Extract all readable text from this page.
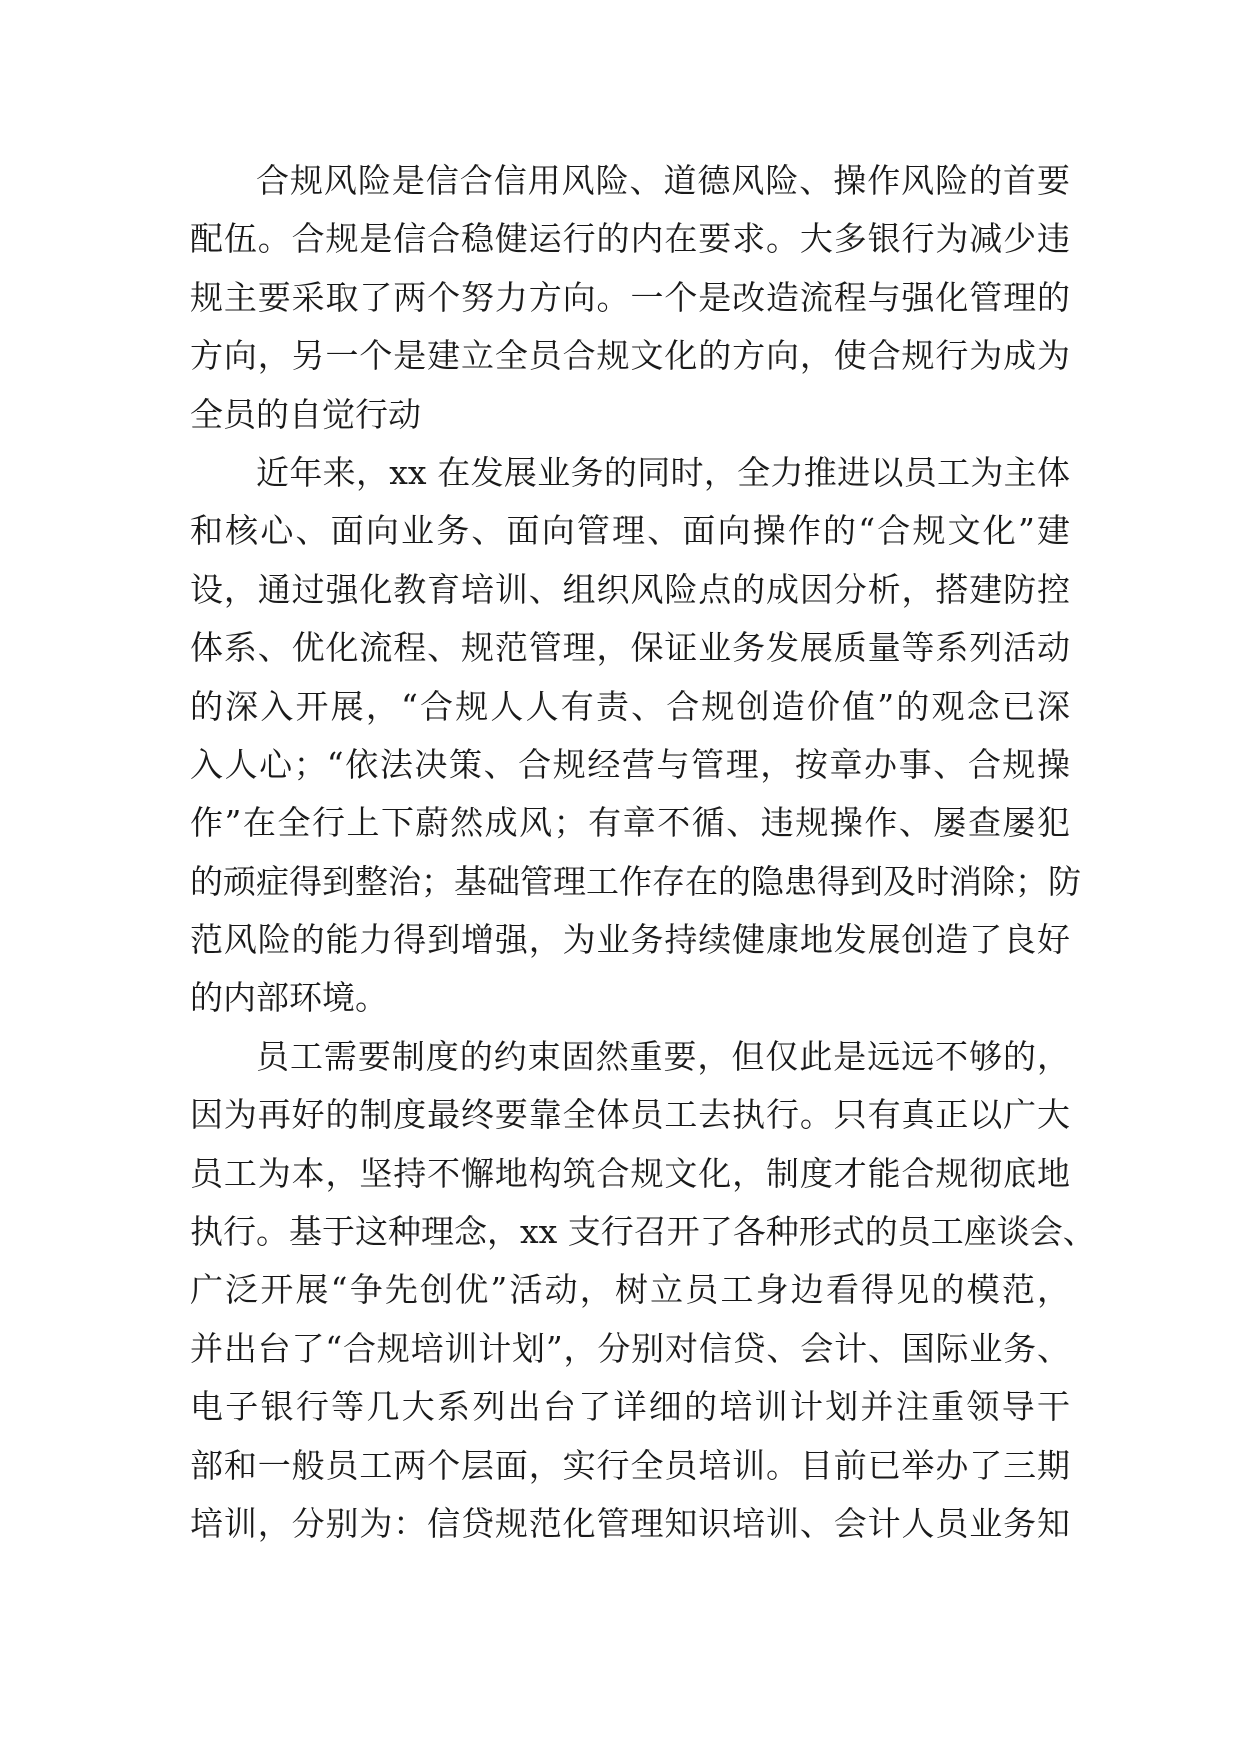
合规风险是信合信用风险、道德风险、操作风险的首要
配伍。合规是信合稳健运行的内在要求。大多银行为减少违
规主要采取了两个努力方向。一个是改造流程与强化管理的
方向，另一个是建立全员合规文化的方向，使合规行为成为
全员的自觉行动
近年来，xx 在发展业务的同时，全力推进以员工为主体
和核心、面向业务、面向管理、面向操作的“合规文化”建
设，通过强化教育培训、组织风险点的成因分析，搭建防控
体系、优化流程、规范管理，保证业务发展质量等系列活动
的深入开展，“合规人人有责、合规创造价值”的观念已深
入人心；“依法决策、合规经营与管理，按章办事、合规操
作”在全行上下蔚然成风；有章不循、违规操作、屡查屡犯
的顽症得到整治；基础管理工作存在的隐患得到及时消除；防
范风险的能力得到增强，为业务持续健康地发展创造了良好
的内部环境。
员工需要制度的约束固然重要，但仅此是远远不够的，
因为再好的制度最终要靠全体员工去执行。只有真正以广大
员工为本，坚持不懈地构筑合规文化，制度才能合规彻底地
执行。基于这种理念，xx 支行召开了各种形式的员工座谈会、
广泛开展“争先创优”活动，树立员工身边看得见的模范，
并出台了“合规培训计划”，分别对信贷、会计、国际业务、
电子银行等几大系列出台了详细的培训计划并注重领导干
部和一般员工两个层面，实行全员培训。目前已举办了三期
培训，分别为：信贷规范化管理知识培训、会计人员业务知
